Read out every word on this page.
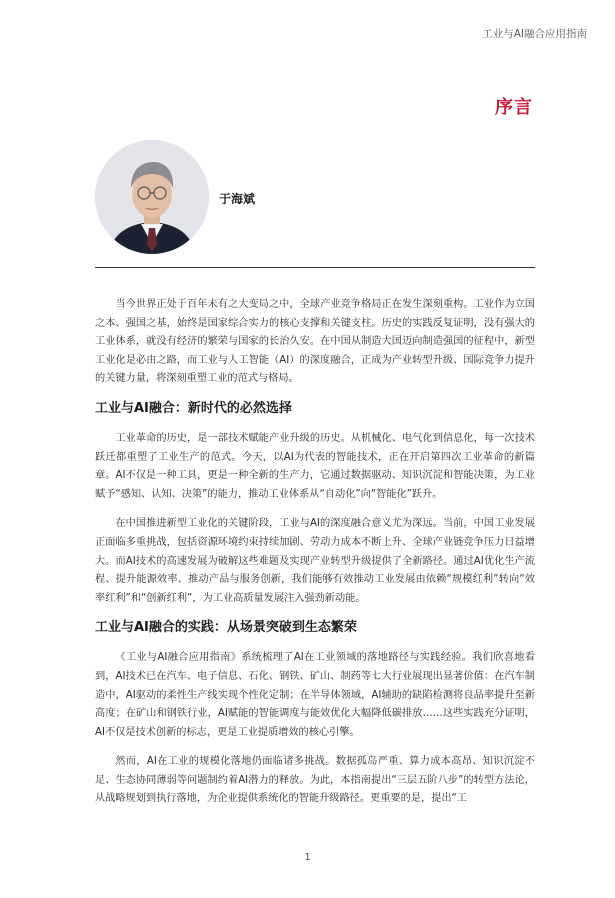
工业与AI融合应用指南
序言
于海斌

当今世界正处于百年未有之大变局之中，全球产业竞争格局正在发生深刻重构。工业作为立国之本、强国之基，始终是国家综合实力的核心支撑和关键支柱。历史的实践反复证明，没有强大的工业体系，就没有经济的繁荣与国家的长治久安。在中国从制造大国迈向制造强国的征程中，新型工业化是必由之路，而工业与人工智能（AI）的深度融合，正成为产业转型升级、国际竞争力提升的关键力量，将深刻重塑工业的范式与格局。

工业与AI融合：新时代的必然选择

工业革命的历史，是一部技术赋能产业升级的历史。从机械化、电气化到信息化，每一次技术跃迁都重塑了工业生产的范式。今天，以AI为代表的智能技术，正在开启第四次工业革命的新篇章。AI不仅是一种工具，更是一种全新的生产力，它通过数据驱动、知识沉淀和智能决策，为工业赋予“感知、认知、决策”的能力，推动工业体系从“自动化”向“智能化”跃升。

在中国推进新型工业化的关键阶段，工业与AI的深度融合意义尤为深远。当前，中国工业发展正面临多重挑战，包括资源环境约束持续加剧、劳动力成本不断上升、全球产业链竞争压力日益增大。而AI技术的高速发展为破解这些难题及实现产业转型升级提供了全新路径。通过AI优化生产流程、提升能源效率、推动产品与服务创新，我们能够有效推动工业发展由依赖“规模红利”转向“效率红利”和“创新红利”，为工业高质量发展注入强劲新动能。

工业与AI融合的实践：从场景突破到生态繁荣

《工业与AI融合应用指南》系统梳理了AI在工业领域的落地路径与实践经验。我们欣喜地看到，AI技术已在汽车、电子信息、石化、钢铁、矿山、制药等七大行业展现出显著价值：在汽车制造中，AI驱动的柔性生产线实现个性化定制；在半导体领域，AI辅助的缺陷检测将良品率提升至新高度；在矿山和钢铁行业，AI赋能的智能调度与能效优化大幅降低碳排放……这些实践充分证明，AI不仅是技术创新的标志，更是工业提质增效的核心引擎。

然而，AI在工业的规模化落地仍面临诸多挑战。数据孤岛严重、算力成本高昂、知识沉淀不足、生态协同薄弱等问题制约着AI潜力的释放。为此，本指南提出“三层五阶八步”的转型方法论，从战略规划到执行落地，为企业提供系统化的智能升级路径。更重要的是，提出“工

1
